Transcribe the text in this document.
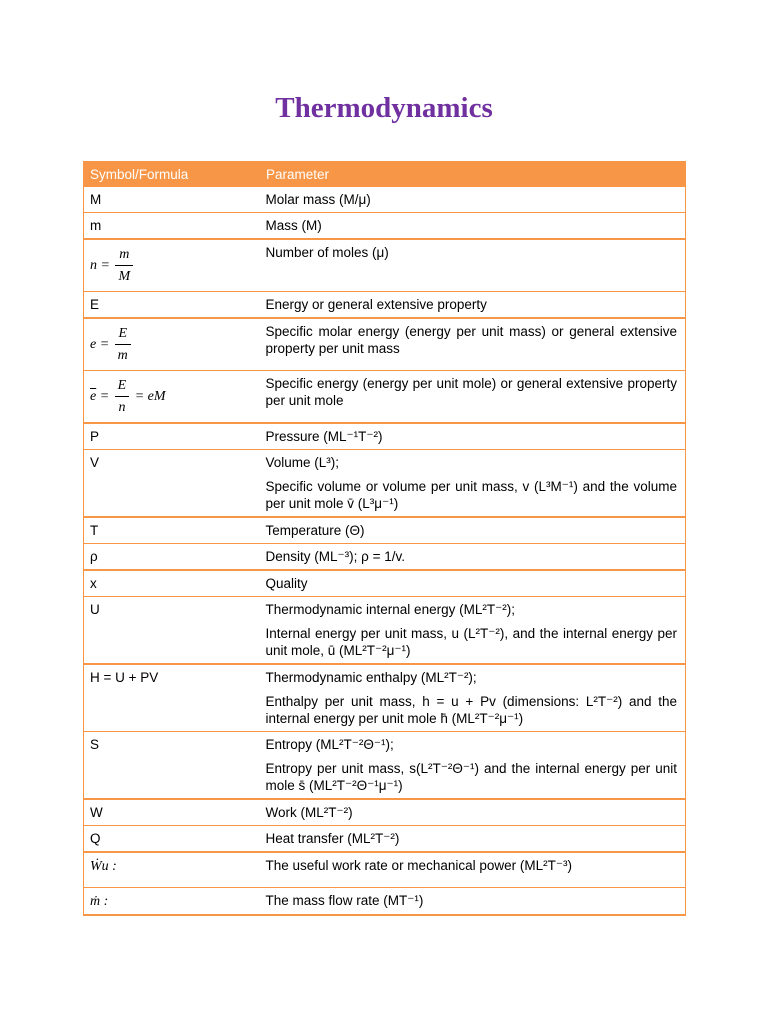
Thermodynamics
Symbol/Formula	Parameter
M	Molar mass (M/μ)
m	Mass (M)
$n = \frac{m}{M}$	Number of moles (μ)
E	Energy or general extensive property
$e = \frac{E}{m}$	Specific molar energy (energy per unit mass) or general extensive property per unit mass
$\overline{e} = \frac{E}{n}$ = eM	Specific energy (energy per unit mole) or general extensive property per unit mole
P	Pressure (ML⁻¹T⁻²)
V	Volume (L³);
Specific volume or volume per unit mass, v (L³M⁻¹) and the volume per unit mole v̄ (L³μ⁻¹)

T	Temperature (Θ)
ρ	Density (ML⁻³); ρ = 1/v.
x	Quality
U	Thermodynamic internal energy (ML²T⁻²);
Internal energy per unit mass, u (L²T⁻²), and the internal energy per unit mole, ū (ML²T⁻²μ⁻¹)

H = U + PV	Thermodynamic enthalpy (ML²T⁻²);
Enthalpy per unit mass, h = u + Pv (dimensions: L²T⁻²) and the internal energy per unit mole h̄ (ML²T⁻²μ⁻¹)

S	Entropy (ML²T⁻²Θ⁻¹);
Entropy per unit mass, s(L²T⁻²Θ⁻¹) and the internal energy per unit mole s̄ (ML²T⁻²Θ⁻¹μ⁻¹)

W	Work (ML²T⁻²)
Q	Heat transfer (ML²T⁻²)
Ẇu :	The useful work rate or mechanical power (ML²T⁻³)
ṁ :	The mass flow rate (MT⁻¹)
